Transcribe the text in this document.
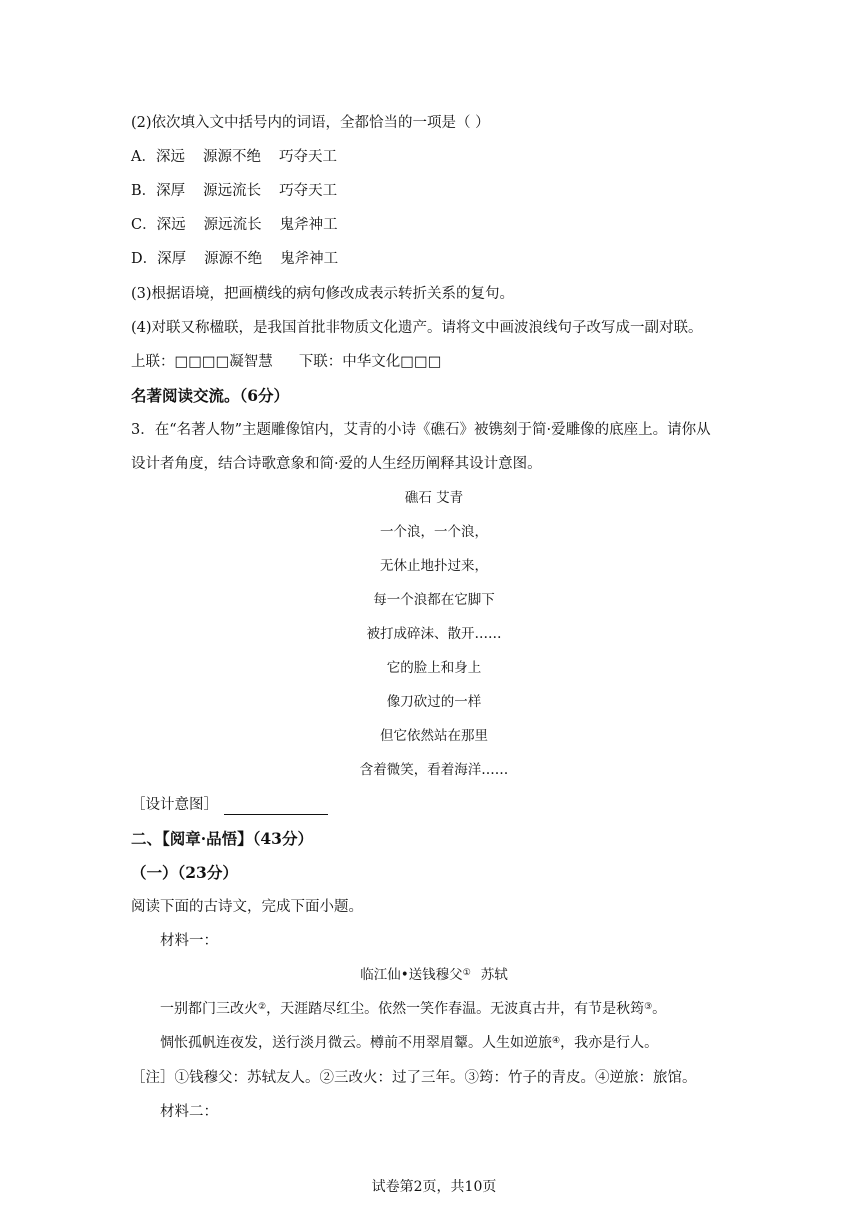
(2)依次填入文中括号内的词语，全都恰当的一项是（ ）
A．深远 源源不绝 巧夺天工
B．深厚 源远流长 巧夺天工
C．深远 源远流长 鬼斧神工
D．深厚 源源不绝 鬼斧神工
(3)根据语境，把画横线的病句修改成表示转折关系的复句。
(4)对联又称楹联，是我国首批非物质文化遗产。请将文中画波浪线句子改写成一副对联。
上联：□□□□凝智慧 下联：中华文化□□□
名著阅读交流。（6分）
3．在“名著人物”主题雕像馆内，艾青的小诗《礁石》被镌刻于简·爱雕像的底座上。请你从
设计者角度，结合诗歌意象和简·爱的人生经历阐释其设计意图。
礁石 艾青
一个浪，一个浪，
无休止地扑过来，
每一个浪都在它脚下
被打成碎沫、散开……
它的脸上和身上
像刀砍过的一样
但它依然站在那里
含着微笑，看着海洋……
［设计意图］
二、【阅章·品悟】（43分）
（一）（23分）
阅读下面的古诗文，完成下面小题。
材料一：
临江仙•送钱穆父① 苏轼
一别都门三改火②，天涯踏尽红尘。依然一笑作春温。无波真古井，有节是秋筠③。
惆怅孤帆连夜发，送行淡月微云。樽前不用翠眉颦。人生如逆旅④，我亦是行人。
［注］①钱穆父：苏轼友人。②三改火：过了三年。③筠：竹子的青皮。④逆旅：旅馆。
材料二：
试卷第2页，共10页
